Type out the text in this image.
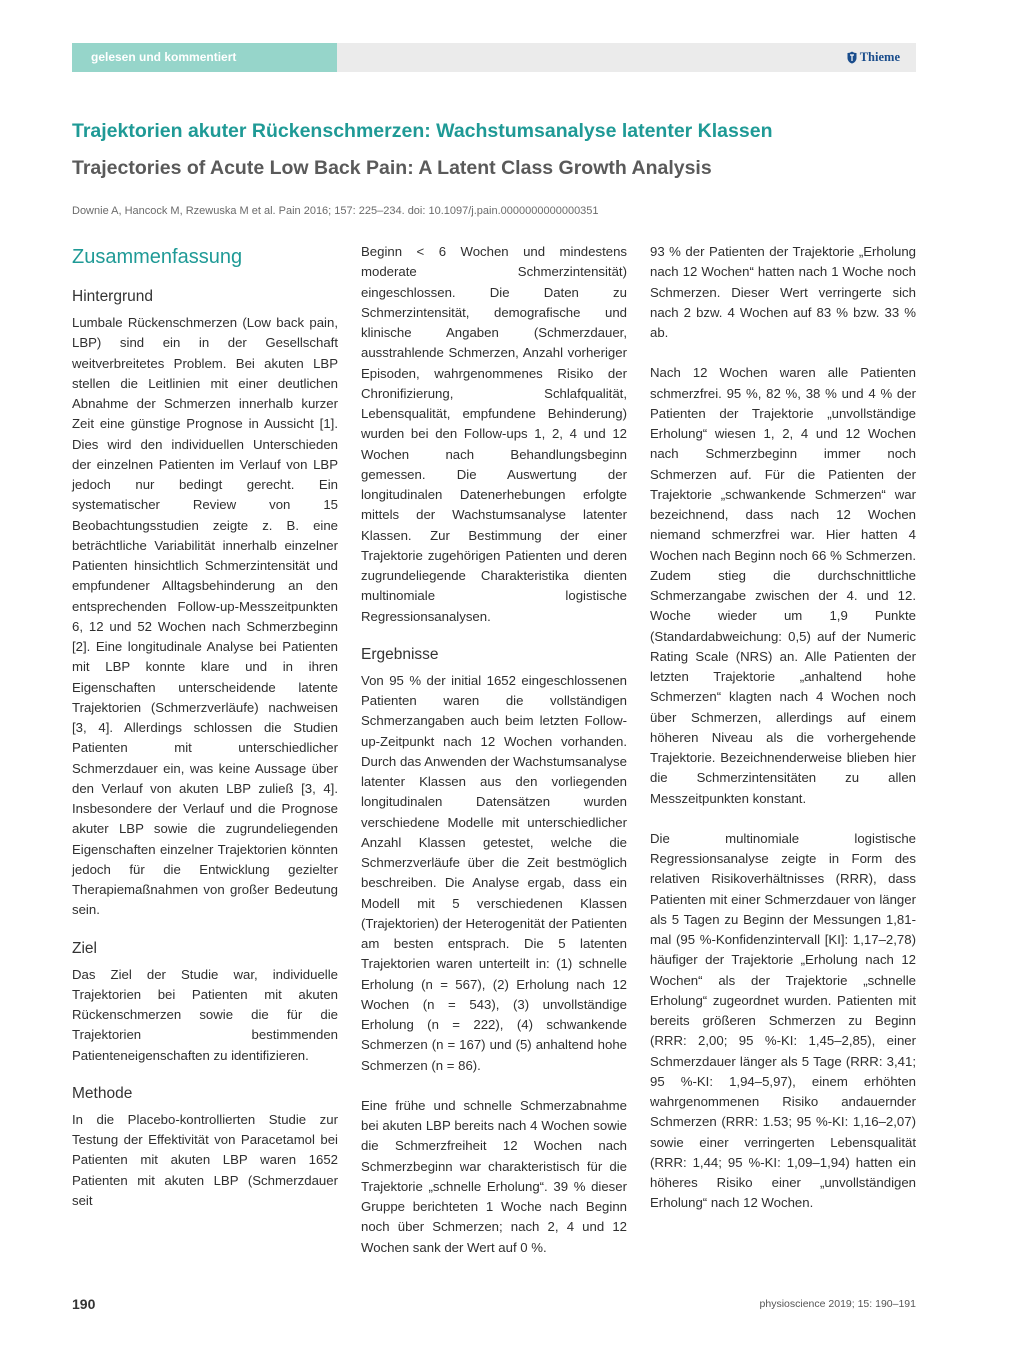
gelesen und kommentiert	Thieme
Trajektorien akuter Rückenschmerzen: Wachstumsanalyse latenter Klassen
Trajectories of Acute Low Back Pain: A Latent Class Growth Analysis
Downie A, Hancock M, Rzewuska M et al. Pain 2016; 157: 225–234. doi: 10.1097/j.pain.0000000000000351
Zusammenfassung
Hintergrund

Lumbale Rückenschmerzen (Low back pain, LBP) sind ein in der Gesellschaft weitverbreitetes Problem. Bei akuten LBP stellen die Leitlinien mit einer deutlichen Abnahme der Schmerzen innerhalb kurzer Zeit eine günstige Prognose in Aussicht [1]. Dies wird den individuellen Unterschieden der einzelnen Patienten im Verlauf von LBP jedoch nur bedingt gerecht. Ein systematischer Review von 15 Beobachtungsstudien zeigte z. B. eine beträchtliche Variabilität innerhalb einzelner Patienten hinsichtlich Schmerzintensität und empfundener Alltagsbehinderung an den entsprechenden Follow-up-Messzeitpunkten 6, 12 und 52 Wochen nach Schmerzbeginn [2]. Eine longitudinale Analyse bei Patienten mit LBP konnte klare und in ihren Eigenschaften unterscheidende latente Trajektorien (Schmerzverläufe) nachweisen [3, 4]. Allerdings schlossen die Studien Patienten mit unterschiedlicher Schmerzdauer ein, was keine Aussage über den Verlauf von akuten LBP zuließ [3, 4]. Insbesondere der Verlauf und die Prognose akuter LBP sowie die zugrundeliegenden Eigenschaften einzelner Trajektorien könnten jedoch für die Entwicklung gezielter Therapiemaßnahmen von großer Bedeutung sein.

Ziel

Das Ziel der Studie war, individuelle Trajektorien bei Patienten mit akuten Rückenschmerzen sowie die für die Trajektorien bestimmenden Patienteneigenschaften zu identifizieren.

Methode

In die Placebo-kontrollierten Studie zur Testung der Effektivität von Paracetamol bei Patienten mit akuten LBP waren 1652 Patienten mit akuten LBP (Schmerzdauer seit

Beginn < 6 Wochen und mindestens moderate Schmerzintensität) eingeschlossen. Die Daten zu Schmerzintensität, demografische und klinische Angaben (Schmerzdauer, ausstrahlende Schmerzen, Anzahl vorheriger Episoden, wahrgenommenes Risiko der Chronifizierung, Schlafqualität, Lebensqualität, empfundene Behinderung) wurden bei den Follow-ups 1, 2, 4 und 12 Wochen nach Behandlungsbeginn gemessen. Die Auswertung der longitudinalen Datenerhebungen erfolgte mittels der Wachstumsanalyse latenter Klassen. Zur Bestimmung der einer Trajektorie zugehörigen Patienten und deren zugrundeliegende Charakteristika dienten multinomiale logistische Regressionsanalysen.

Ergebnisse

Von 95 % der initial 1652 eingeschlossenen Patienten waren die vollständigen Schmerzangaben auch beim letzten Follow-up-Zeitpunkt nach 12 Wochen vorhanden. Durch das Anwenden der Wachstumsanalyse latenter Klassen aus den vorliegenden longitudinalen Datensätzen wurden verschiedene Modelle mit unterschiedlicher Anzahl Klassen getestet, welche die Schmerzverläufe über die Zeit bestmöglich beschreiben. Die Analyse ergab, dass ein Modell mit 5 verschiedenen Klassen (Trajektorien) der Heterogenität der Patienten am besten entsprach. Die 5 latenten Trajektorien waren unterteilt in: (1) schnelle Erholung (n = 567), (2) Erholung nach 12 Wochen (n = 543), (3) unvollständige Erholung (n = 222), (4) schwankende Schmerzen (n = 167) und (5) anhaltend hohe Schmerzen (n = 86).

Eine frühe und schnelle Schmerzabnahme bei akuten LBP bereits nach 4 Wochen sowie die Schmerzfreiheit 12 Wochen nach Schmerzbeginn war charakteristisch für die Trajektorie „schnelle Erholung“. 39 % dieser Gruppe berichteten 1 Woche nach Beginn noch über Schmerzen; nach 2, 4 und 12 Wochen sank der Wert auf 0 %.

93 % der Patienten der Trajektorie „Erholung nach 12 Wochen“ hatten nach 1 Woche noch Schmerzen. Dieser Wert verringerte sich nach 2 bzw. 4 Wochen auf 83 % bzw. 33 % ab.

Nach 12 Wochen waren alle Patienten schmerzfrei. 95 %, 82 %, 38 % und 4 % der Patienten der Trajektorie „unvollständige Erholung“ wiesen 1, 2, 4 und 12 Wochen nach Schmerzbeginn immer noch Schmerzen auf. Für die Patienten der Trajektorie „schwankende Schmerzen“ war bezeichnend, dass nach 12 Wochen niemand schmerzfrei war. Hier hatten 4 Wochen nach Beginn noch 66 % Schmerzen. Zudem stieg die durchschnittliche Schmerzangabe zwischen der 4. und 12. Woche wieder um 1,9 Punkte (Standardabweichung: 0,5) auf der Numeric Rating Scale (NRS) an. Alle Patienten der letzten Trajektorie „anhaltend hohe Schmerzen“ klagten nach 4 Wochen noch über Schmerzen, allerdings auf einem höheren Niveau als die vorhergehende Trajektorie. Bezeichnenderweise blieben hier die Schmerzintensitäten zu allen Messzeitpunkten konstant.

Die multinomiale logistische Regressionsanalyse zeigte in Form des relativen Risikoverhältnisses (RRR), dass Patienten mit einer Schmerzdauer von länger als 5 Tagen zu Beginn der Messungen 1,81-mal (95 %-Konfidenzintervall [KI]: 1,17–2,78) häufiger der Trajektorie „Erholung nach 12 Wochen“ als der Trajektorie „schnelle Erholung“ zugeordnet wurden. Patienten mit bereits größeren Schmerzen zu Beginn (RRR: 2,00; 95 %-KI: 1,45–2,85), einer Schmerzdauer länger als 5 Tage (RRR: 3,41; 95 %-KI: 1,94–5,97), einem erhöhten wahrgenommenen Risiko andauernder Schmerzen (RRR: 1.53; 95 %-KI: 1,16–2,07) sowie einer verringerten Lebensqualität (RRR: 1,44; 95 %-KI: 1,09–1,94) hatten ein höheres Risiko einer „unvollständigen Erholung“ nach 12 Wochen.

190	physioscience 2019; 15: 190–191
